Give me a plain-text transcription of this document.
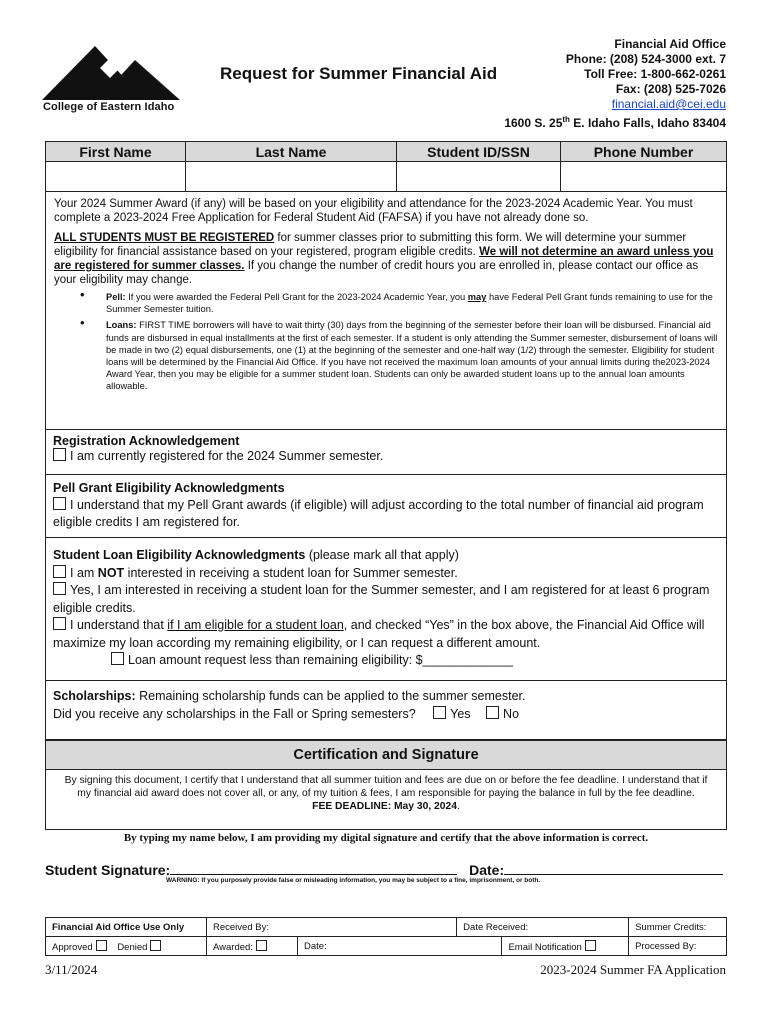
College of Eastern Idaho
Request for Summer Financial Aid
Financial Aid Office
Phone: (208) 524-3000 ext. 7
Toll Free: 1-800-662-0261
Fax: (208) 525-7026
financial.aid@cei.edu
1600 S. 25th E. Idaho Falls, Idaho 83404
First Name	Last Name	Student ID/SSN	Phone Number

Your 2024 Summer Award (if any) will be based on your eligibility and attendance for the 2023-2024 Academic Year. You must complete a 2023-2024 Free Application for Federal Student Aid (FAFSA) if you have not already done so.
ALL STUDENTS MUST BE REGISTERED for summer classes prior to submitting this form. We will determine your summer eligibility for financial assistance based on your registered, program eligible credits. We will not determine an award unless you are registered for summer classes. If you change the number of credit hours you are enrolled in, please contact our office as your eligibility may change.
• Pell: If you were awarded the Federal Pell Grant for the 2023-2024 Academic Year, you may have Federal Pell Grant funds remaining to use for the Summer Semester tuition.
• Loans: FIRST TIME borrowers will have to wait thirty (30) days from the beginning of the semester before their loan will be disbursed. Financial aid funds are disbursed in equal installments at the first of each semester. If a student is only attending the Summer semester, disbursement of loans will be made in two (2) equal disbursements, one (1) at the beginning of the semester and one-half way (1/2) through the semester. Eligibility for student loans will be determined by the Financial Aid Office. If you have not received the maximum loan amounts of your annual limits during the2023-2024 Award Year, then you may be eligible for a summer student loan. Students can only be awarded student loans up to the annual loan amounts allowable.
Registration Acknowledgement
I am currently registered for the 2024 Summer semester.
Pell Grant Eligibility Acknowledgments
I understand that my Pell Grant awards (if eligible) will adjust according to the total number of financial aid program eligible credits I am registered for.
Student Loan Eligibility Acknowledgments (please mark all that apply)
I am NOT interested in receiving a student loan for Summer semester.
Yes, I am interested in receiving a student loan for the Summer semester, and I am registered for at least 6 program eligible credits.
I understand that if I am eligible for a student loan, and checked “Yes” in the box above, the Financial Aid Office will maximize my loan according my remaining eligibility, or I can request a different amount.
Loan amount request less than remaining eligibility: $_____________
Scholarships: Remaining scholarship funds can be applied to the summer semester.
Did you receive any scholarships in the Fall or Spring semesters?	Yes	No
Certification and Signature
By signing this document, I certify that I understand that all summer tuition and fees are due on or before the fee deadline. I understand that if my financial aid award does not cover all, or any, of my tuition & fees, I am responsible for paying the balance in full by the fee deadline.
FEE DEADLINE: May 30, 2024.
By typing my name below, I am providing my digital signature and certify that the above information is correct.
Student Signature:	Date:
WARNING: If you purposely provide false or misleading information, you may be subject to a fine, imprisonment, or both.
Financial Aid Office Use Only	Received By:		Date Received:		Summer Credits:
Approved Denied	Awarded:	Date:		Email Notification	Processed By:
3/11/2024	2023-2024 Summer FA Application
